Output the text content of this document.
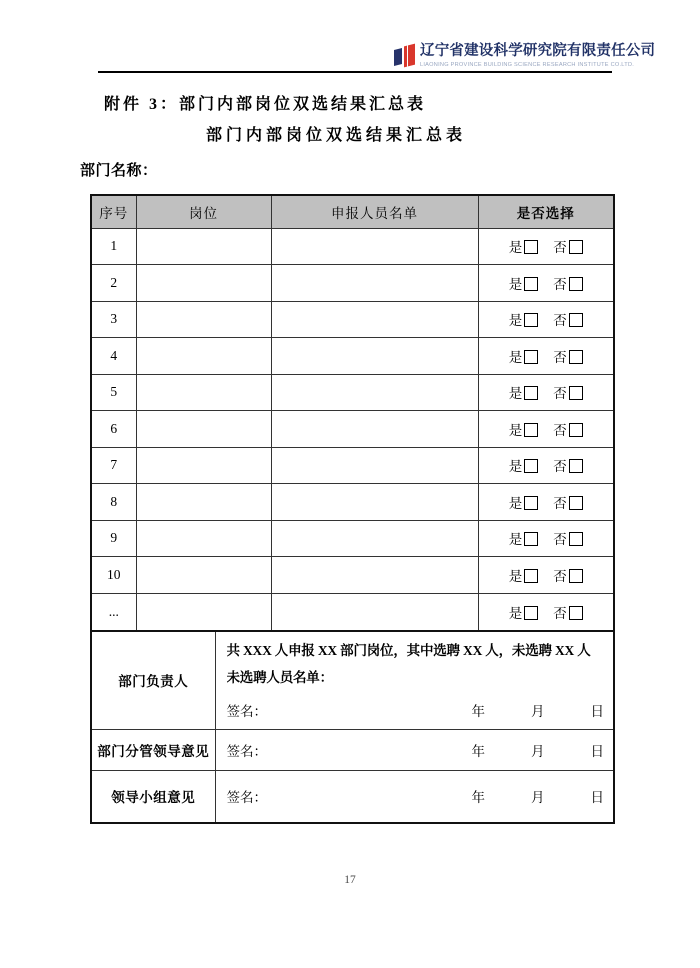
辽宁省建设科学研究院有限责任公司
LIAONING PROVINCE BUILDING SCIENCE RESEARCH INSTITUTE CO.LTD.
附件 3：部门内部岗位双选结果汇总表
部门内部岗位双选结果汇总表
部门名称：
序号	岗位	申报人员名单	是否选择
1			是 否
2			是 否
3			是 否
4			是 否
5			是 否
6			是 否
7			是 否
8			是 否
9			是 否
10			是 否
...			是 否
部门负责人	共 XXX 人申报 XX 部门岗位，其中选聘 XX 人，未选聘 XX 人
未选聘人员名单：
签名： 年 月 日

部门分管领导意见	签名： 年 月 日

领导小组意见	签名： 年 月 日
17
